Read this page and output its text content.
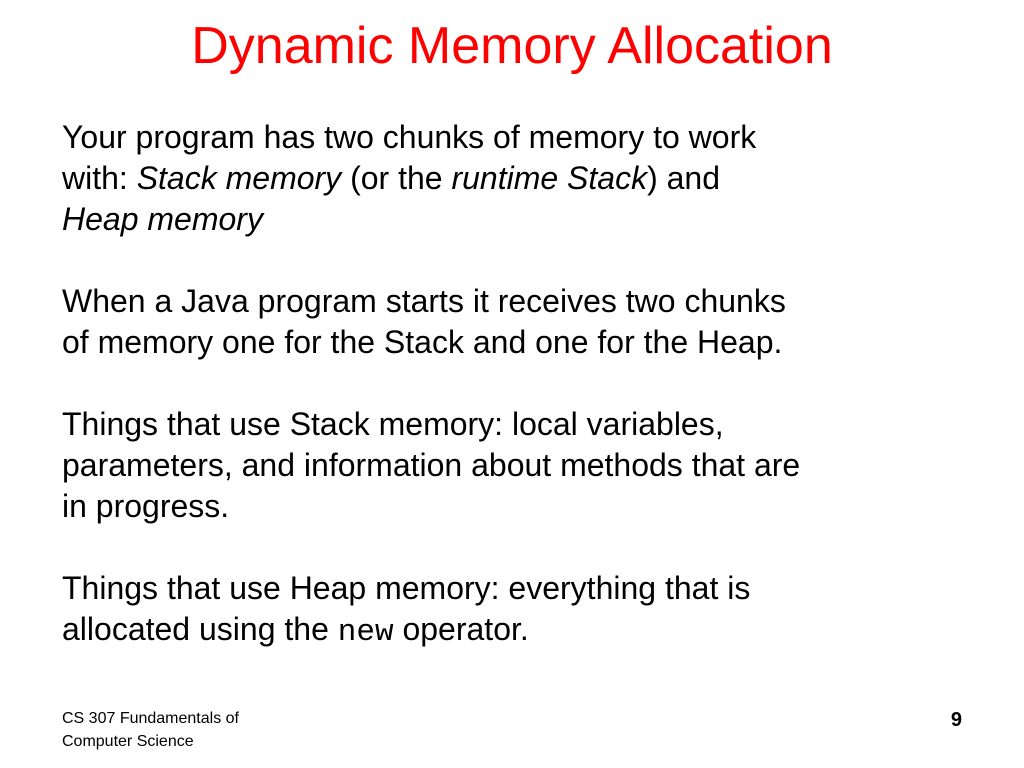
Dynamic Memory Allocation
Your program has two chunks of memory to work
with: Stack memory (or the runtime Stack) and
Heap memory
When a Java program starts it receives two chunks
of memory one for the Stack and one for the Heap.
Things that use Stack memory: local variables,
parameters, and information about methods that are
in progress.
Things that use Heap memory: everything that is
allocated using the new operator.
CS 307 Fundamentals of
Computer Science
9
